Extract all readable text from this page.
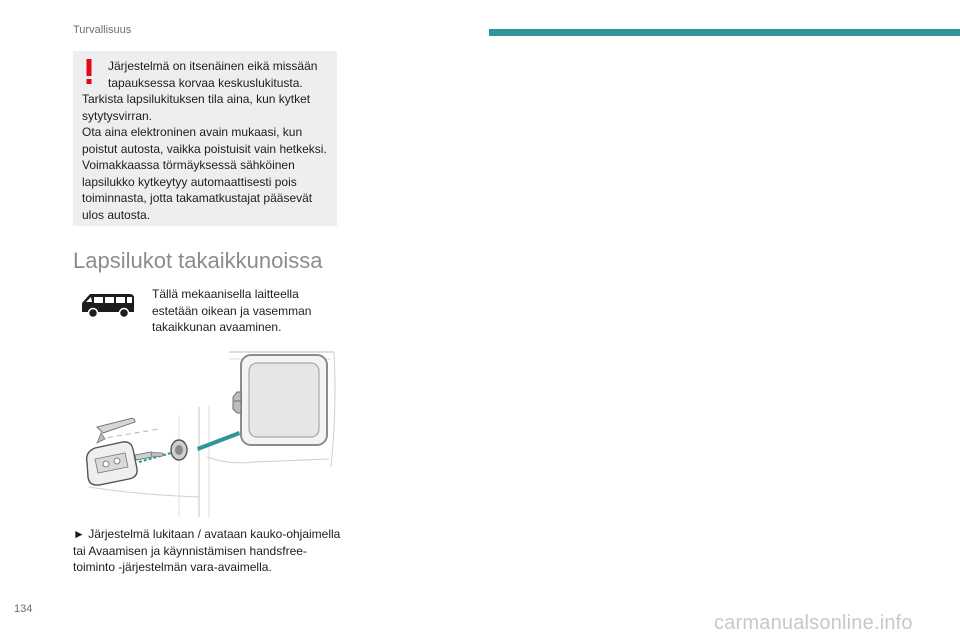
Turvallisuus
Järjestelmä on itsenäinen eikä missään tapauksessa korvaa keskuslukitusta.
Tarkista lapsilukituksen tila aina, kun kytket sytytysvirran.
Ota aina elektroninen avain mukaasi, kun poistut autosta, vaikka poistuisit vain hetkeksi.
Voimakkaassa törmäyksessä sähköinen lapsilukko kytkeytyy automaattisesti pois toiminnasta, jotta takamatkustajat pääsevät ulos autosta.
Lapsilukot takaikkunoissa
Tällä mekaanisella laitteella estetään oikean ja vasemman takaikkunan avaaminen.
► Järjestelmä lukitaan / avataan kauko-ohjaimella tai Avaamisen ja käynnistämisen handsfree-toiminto -järjestelmän vara-avaimella.
134
carmanualsonline.info
